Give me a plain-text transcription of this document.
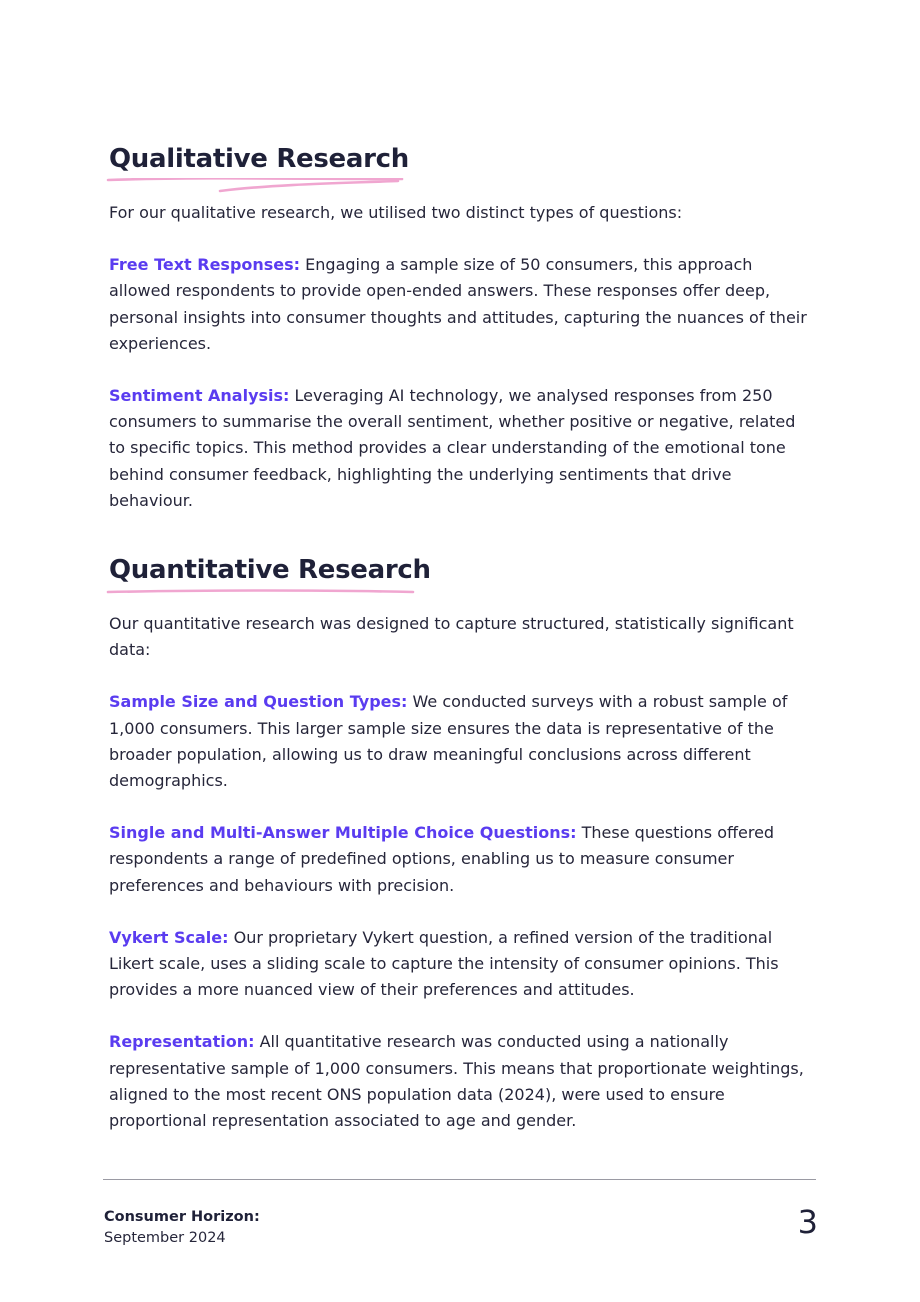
Qualitative Research

For our qualitative research, we utilised two distinct types of questions:

Free Text Responses: Engaging a sample size of 50 consumers, this approach allowed respondents to provide open-ended answers. These responses offer deep, personal insights into consumer thoughts and attitudes, capturing the nuances of their experiences.

Sentiment Analysis: Leveraging AI technology, we analysed responses from 250 consumers to summarise the overall sentiment, whether positive or negative, related to specific topics. This method provides a clear understanding of the emotional tone behind consumer feedback, highlighting the underlying sentiments that drive behaviour.

Quantitative Research

Our quantitative research was designed to capture structured, statistically significant data:

Sample Size and Question Types: We conducted surveys with a robust sample of 1,000 consumers. This larger sample size ensures the data is representative of the broader population, allowing us to draw meaningful conclusions across different demographics.

Single and Multi-Answer Multiple Choice Questions: These questions offered respondents a range of predefined options, enabling us to measure consumer preferences and behaviours with precision.

Vykert Scale: Our proprietary Vykert question, a refined version of the traditional Likert scale, uses a sliding scale to capture the intensity of consumer opinions. This provides a more nuanced view of their preferences and attitudes.

Representation: All quantitative research was conducted using a nationally representative sample of 1,000 consumers. This means that proportionate weightings, aligned to the most recent ONS population data (2024), were used to ensure proportional representation associated to age and gender.

Consumer Horizon:
September 2024	3
